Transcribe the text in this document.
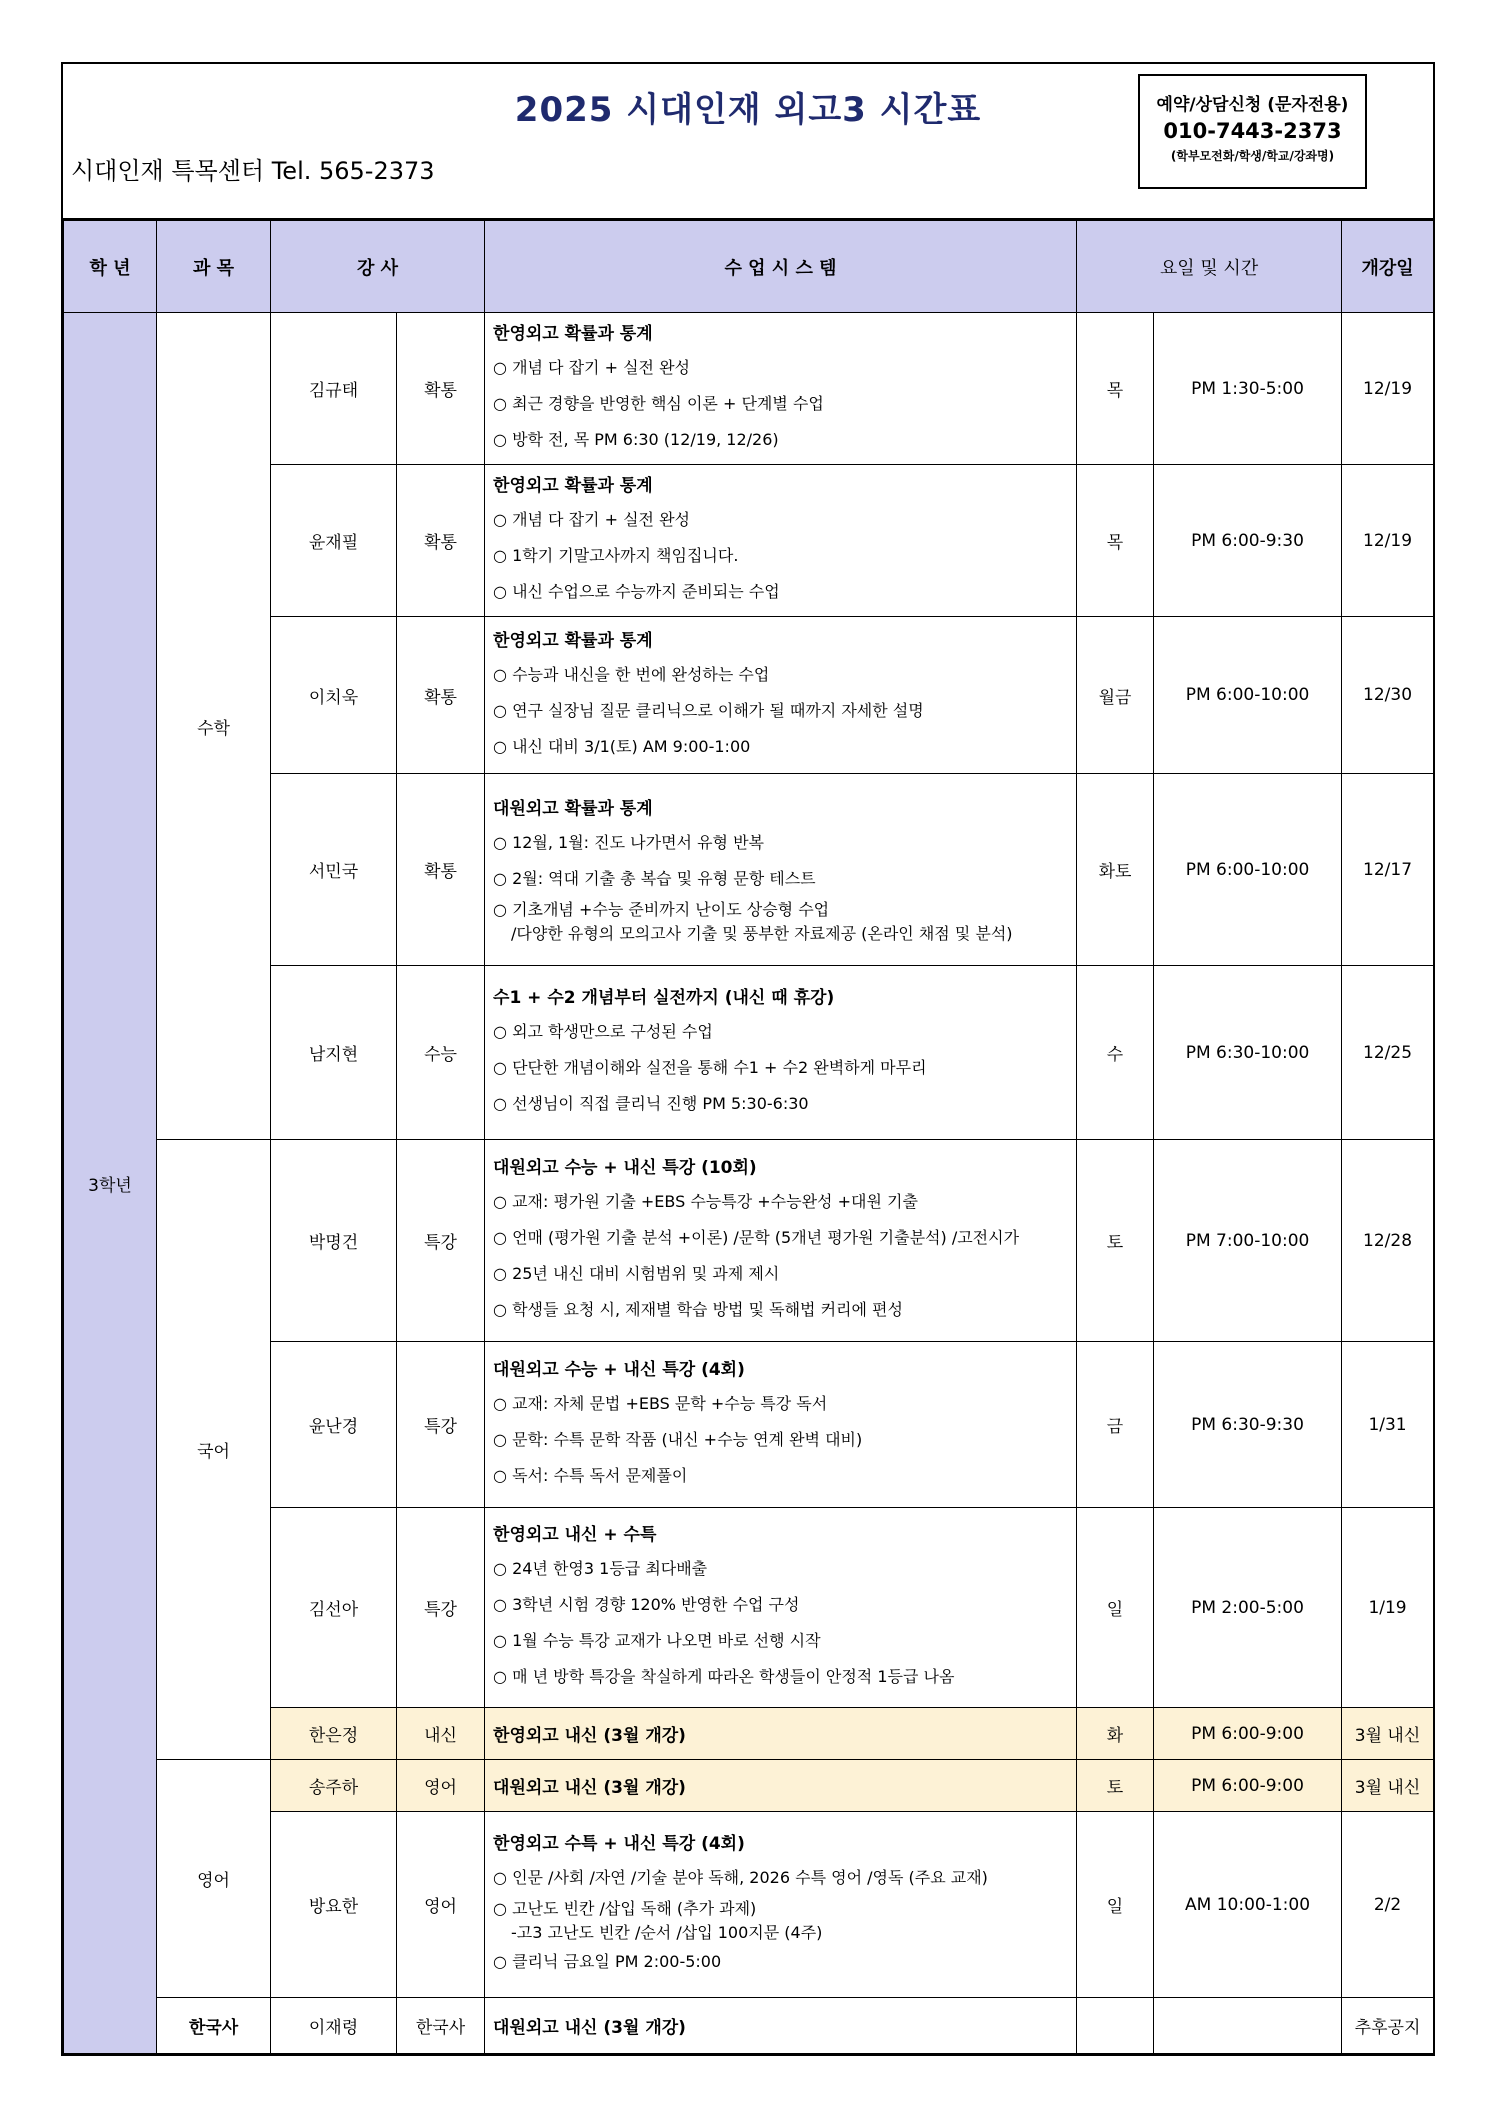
2025 시대인재 외고3 시간표
시대인재 특목센터 Tel. 565-2373
예약/상담신청 (문자전용)
010-7443-2373
(학부모전화/학생/학교/강좌명)
학 년	과 목	강 사		수 업 시 스 템	요일 및 시간		개강일
3학년	수학	김규태	확통	한영외고 확률과 통계
○ 개념 다 잡기 + 실전 완성
○ 최근 경향을 반영한 핵심 이론 + 단계별 수업
○ 방학 전, 목 PM 6:30 (12/19, 12/26)	목	PM 1:30-5:00	12/19
		윤재필	확통	한영외고 확률과 통계
○ 개념 다 잡기 + 실전 완성
○ 1학기 기말고사까지 책임집니다.
○ 내신 수업으로 수능까지 준비되는 수업	목	PM 6:00-9:30	12/19
		이치욱	확통	한영외고 확률과 통계
○ 수능과 내신을 한 번에 완성하는 수업
○ 연구 실장님 질문 클리닉으로 이해가 될 때까지 자세한 설명
○ 내신 대비 3/1(토) AM 9:00-1:00	월금	PM 6:00-10:00	12/30
		서민국	확통	대원외고 확률과 통계
○ 12월, 1월: 진도 나가면서 유형 반복
○ 2월: 역대 기출 총 복습 및 유형 문항 테스트
○ 기초개념 +수능 준비까지 난이도 상승형 수업
/다양한 유형의 모의고사 기출 및 풍부한 자료제공 (온라인 채점 및 분석)	화토	PM 6:00-10:00	12/17
		남지현	수능	수1 + 수2 개념부터 실전까지 (내신 때 휴강)
○ 외고 학생만으로 구성된 수업
○ 단단한 개념이해와 실전을 통해 수1 + 수2 완벽하게 마무리
○ 선생님이 직접 클리닉 진행 PM 5:30-6:30	수	PM 6:30-10:00	12/25
	국어	박명건	특강	대원외고 수능 + 내신 특강 (10회)
○ 교재: 평가원 기출 +EBS 수능특강 +수능완성 +대원 기출
○ 언매 (평가원 기출 분석 +이론) /문학 (5개년 평가원 기출분석) /고전시가
○ 25년 내신 대비 시험범위 및 과제 제시
○ 학생들 요청 시, 제재별 학습 방법 및 독해법 커리에 편성	토	PM 7:00-10:00	12/28
		윤난경	특강	대원외고 수능 + 내신 특강 (4회)
○ 교재: 자체 문법 +EBS 문학 +수능 특강 독서
○ 문학: 수특 문학 작품 (내신 +수능 연계 완벽 대비)
○ 독서: 수특 독서 문제풀이	금	PM 6:30-9:30	1/31
		김선아	특강	한영외고 내신 + 수특
○ 24년 한영3 1등급 최다배출
○ 3학년 시험 경향 120% 반영한 수업 구성
○ 1월 수능 특강 교재가 나오면 바로 선행 시작
○ 매 년 방학 특강을 착실하게 따라온 학생들이 안정적 1등급 나옴	일	PM 2:00-5:00	1/19
		한은정	내신	한영외고 내신 (3월 개강)	화	PM 6:00-9:00	3월 내신
	영어	송주하	영어	대원외고 내신 (3월 개강)	토	PM 6:00-9:00	3월 내신
		방요한	영어	한영외고 수특 + 내신 특강 (4회)
○ 인문 /사회 /자연 /기술 분야 독해, 2026 수특 영어 /영독 (주요 교재)
○ 고난도 빈칸 /삽입 독해 (추가 과제)
-고3 고난도 빈칸 /순서 /삽입 100지문 (4주)
○ 클리닉 금요일 PM 2:00-5:00	일	AM 10:00-1:00	2/2
	한국사	이재령	한국사	대원외고 내신 (3월 개강)			추후공지
